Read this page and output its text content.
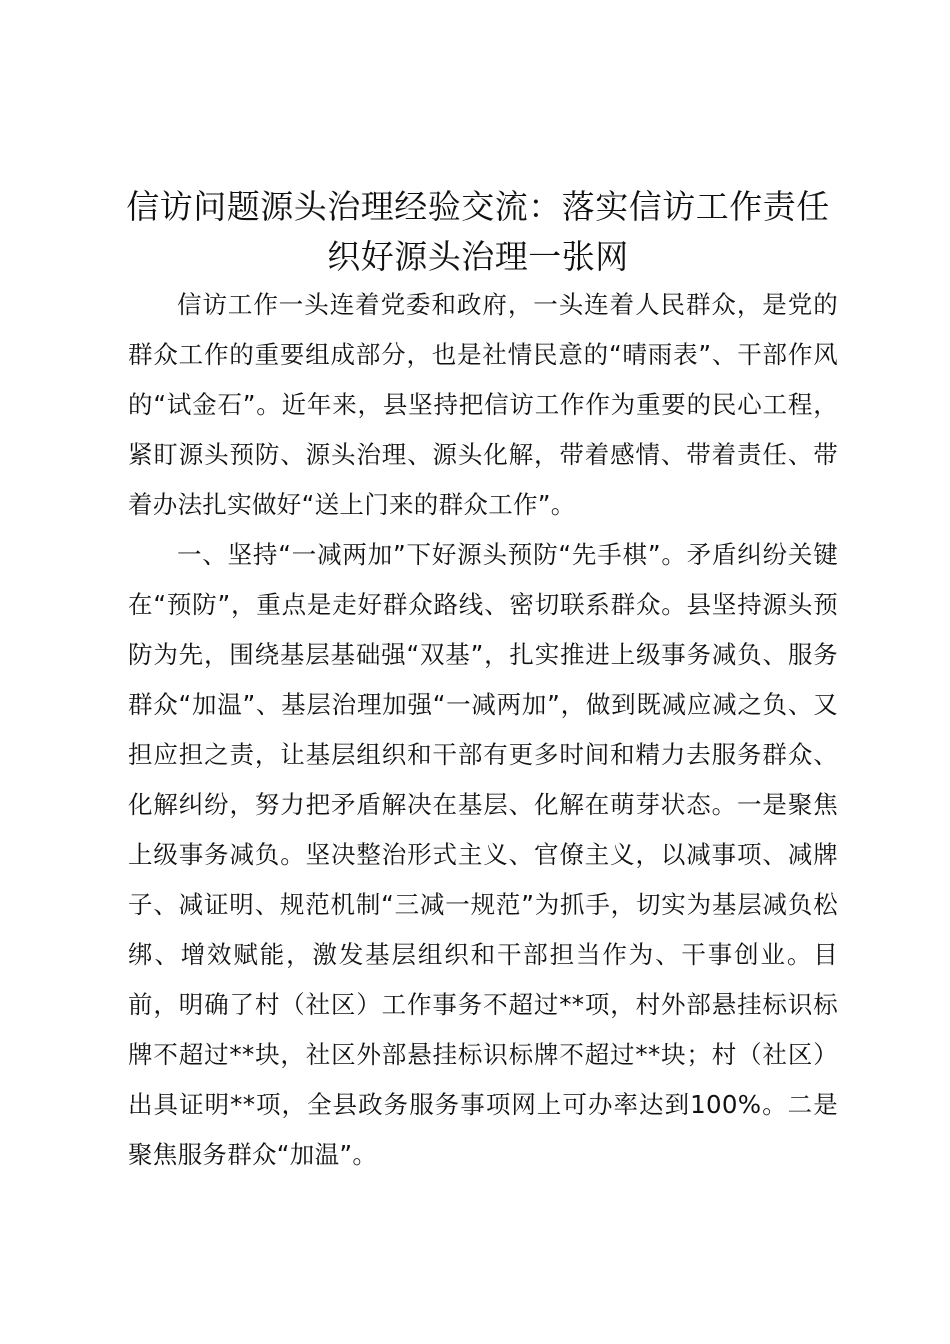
信访问题源头治理经验交流：落实信访工作责任织好源头治理一张网

信访工作一头连着党委和政府，一头连着人民群众，是党的群众工作的重要组成部分，也是社情民意的“晴雨表”、干部作风的“试金石”。近年来，县坚持把信访工作作为重要的民心工程，紧盯源头预防、源头治理、源头化解，带着感情、带着责任、带着办法扎实做好“送上门来的群众工作”。

一、坚持“一减两加”下好源头预防“先手棋”。矛盾纠纷关键在“预防”，重点是走好群众路线、密切联系群众。县坚持源头预防为先，围绕基层基础强“双基”，扎实推进上级事务减负、服务群众“加温”、基层治理加强“一减两加”，做到既减应减之负、又担应担之责，让基层组织和干部有更多时间和精力去服务群众、化解纠纷，努力把矛盾解决在基层、化解在萌芽状态。一是聚焦上级事务减负。坚决整治形式主义、官僚主义，以减事项、减牌子、减证明、规范机制“三减一规范”为抓手，切实为基层减负松绑、增效赋能，激发基层组织和干部担当作为、干事创业。目前，明确了村（社区）工作事务不超过**项，村外部悬挂标识标牌不超过**块，社区外部悬挂标识标牌不超过**块；村（社区）出具证明**项，全县政务服务事项网上可办率达到100%。二是聚焦服务群众“加温”。
